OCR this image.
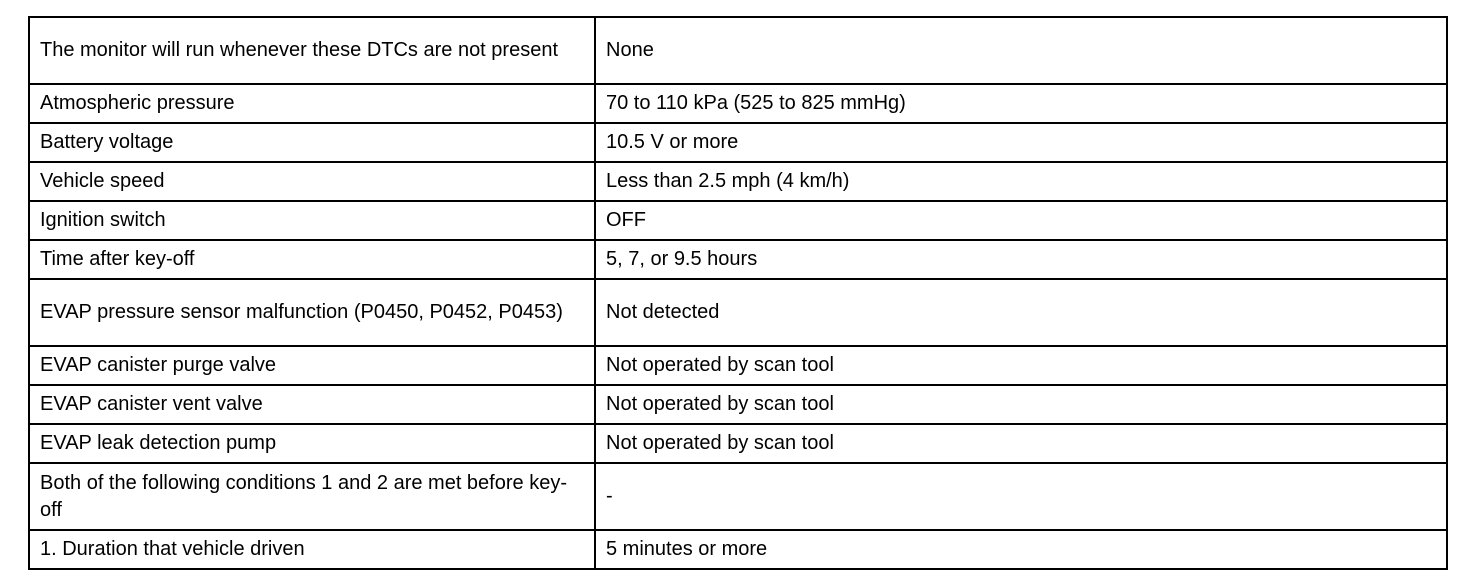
The monitor will run whenever these DTCs are not present	None
Atmospheric pressure	70 to 110 kPa (525 to 825 mmHg)
Battery voltage	10.5 V or more
Vehicle speed	Less than 2.5 mph (4 km/h)
Ignition switch	OFF
Time after key-off	5, 7, or 9.5 hours
EVAP pressure sensor malfunction (P0450, P0452, P0453)	Not detected
EVAP canister purge valve	Not operated by scan tool
EVAP canister vent valve	Not operated by scan tool
EVAP leak detection pump	Not operated by scan tool
Both of the following conditions 1 and 2 are met before key-off	-
1. Duration that vehicle driven	5 minutes or more
